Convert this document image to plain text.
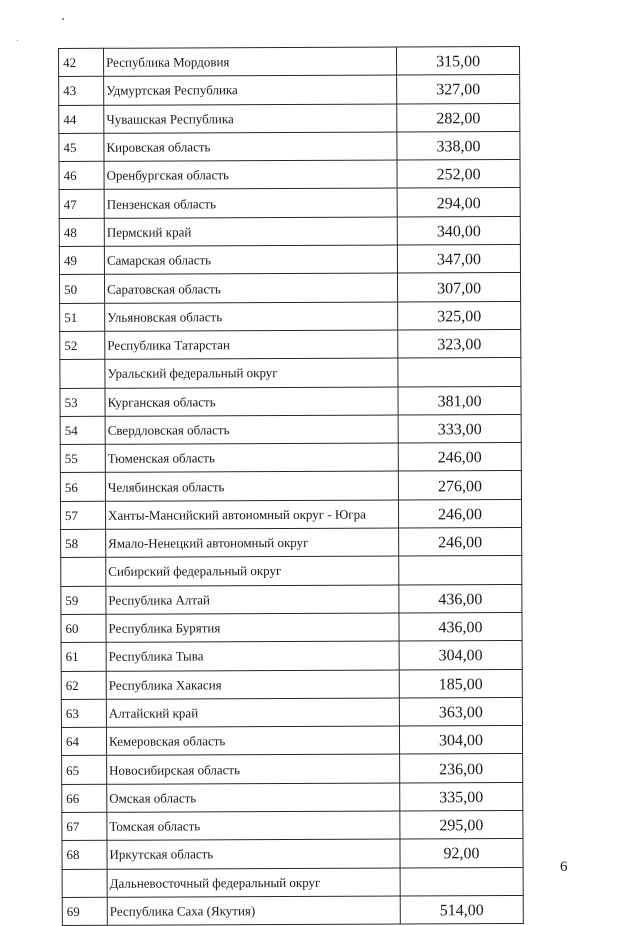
42	Республика Мордовия	315,00
43	Удмуртская Республика	327,00
44	Чувашская Республика	282,00
45	Кировская область	338,00
46	Оренбургская область	252,00
47	Пензенская область	294,00
48	Пермский край	340,00
49	Самарская область	347,00
50	Саратовская область	307,00
51	Ульяновская область	325,00
52	Республика Татарстан	323,00
	Уральский федеральный округ	
53	Курганская область	381,00
54	Свердловская область	333,00
55	Тюменская область	246,00
56	Челябинская область	276,00
57	Ханты-Мансийский автономный округ - Югра	246,00
58	Ямало-Ненецкий автономный округ	246,00
	Сибирский федеральный округ	
59	Республика Алтай	436,00
60	Республика Бурятия	436,00
61	Республика Тыва	304,00
62	Республика Хакасия	185,00
63	Алтайский край	363,00
64	Кемеровская область	304,00
65	Новосибирская область	236,00
66	Омская область	335,00
67	Томская область	295,00
68	Иркутская область	92,00
	Дальневосточный федеральный округ	
69	Республика Саха (Якутия)	514,00
6
